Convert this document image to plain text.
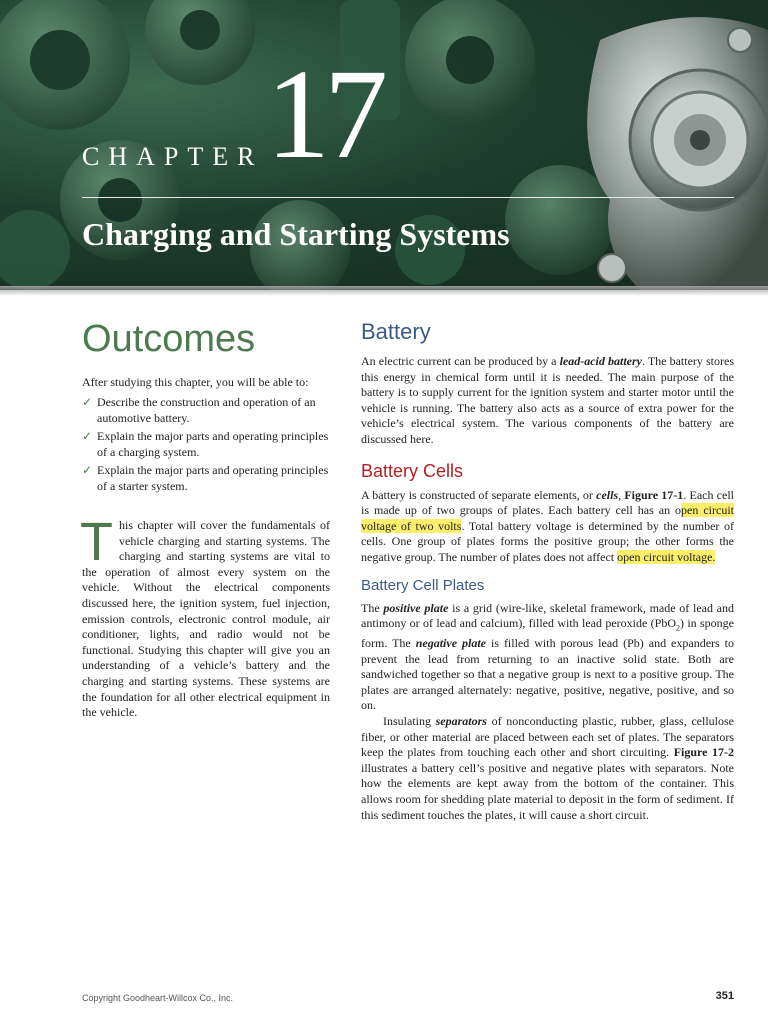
CHAPTER 17
Charging and Starting Systems
Outcomes

After studying this chapter, you will be able to:

✓ Describe the construction and operation of an automotive battery.
✓ Explain the major parts and operating principles of a charging system.
✓ Explain the major parts and operating principles of a starter system.

This chapter will cover the fundamentals of vehicle charging and starting systems. The charging and starting systems are vital to the operation of almost every system on the vehicle. Without the electrical components discussed here, the ignition system, fuel injection, emission controls, electronic control module, air conditioner, lights, and radio would not be functional. Studying this chapter will give you an understanding of a vehicle’s battery and the charging and starting systems. These systems are the foundation for all other electrical equipment in the vehicle.

Battery

An electric current can be produced by a lead-acid battery. The battery stores this energy in chemical form until it is needed. The main purpose of the battery is to supply current for the ignition system and starter motor until the vehicle is running. The battery also acts as a source of extra power for the vehicle’s electrical system. The various components of the battery are discussed here.

Battery Cells

A battery is constructed of separate elements, or cells, Figure 17-1. Each cell is made up of two groups of plates. Each battery cell has an open circuit voltage of two volts. Total battery voltage is determined by the number of cells. One group of plates forms the positive group; the other forms the negative group. The number of plates does not affect open circuit voltage.

Battery Cell Plates

The positive plate is a grid (wire-like, skeletal framework, made of lead and antimony or of lead and calcium), filled with lead peroxide (PbO$_2$) in sponge form. The negative plate is filled with porous lead (Pb) and expanders to prevent the lead from returning to an inactive solid state. Both are sandwiched together so that a negative group is next to a positive group. The plates are arranged alternately: negative, positive, negative, positive, and so on.

Insulating separators of nonconducting plastic, rubber, glass, cellulose fiber, or other material are placed between each set of plates. The separators keep the plates from touching each other and short circuiting. Figure 17-2 illustrates a battery cell’s positive and negative plates with separators. Note how the elements are kept away from the bottom of the container. This allows room for shedding plate material to deposit in the form of sediment. If this sediment touches the plates, it will cause a short circuit.

Copyright Goodheart-Willcox Co., Inc.	351
